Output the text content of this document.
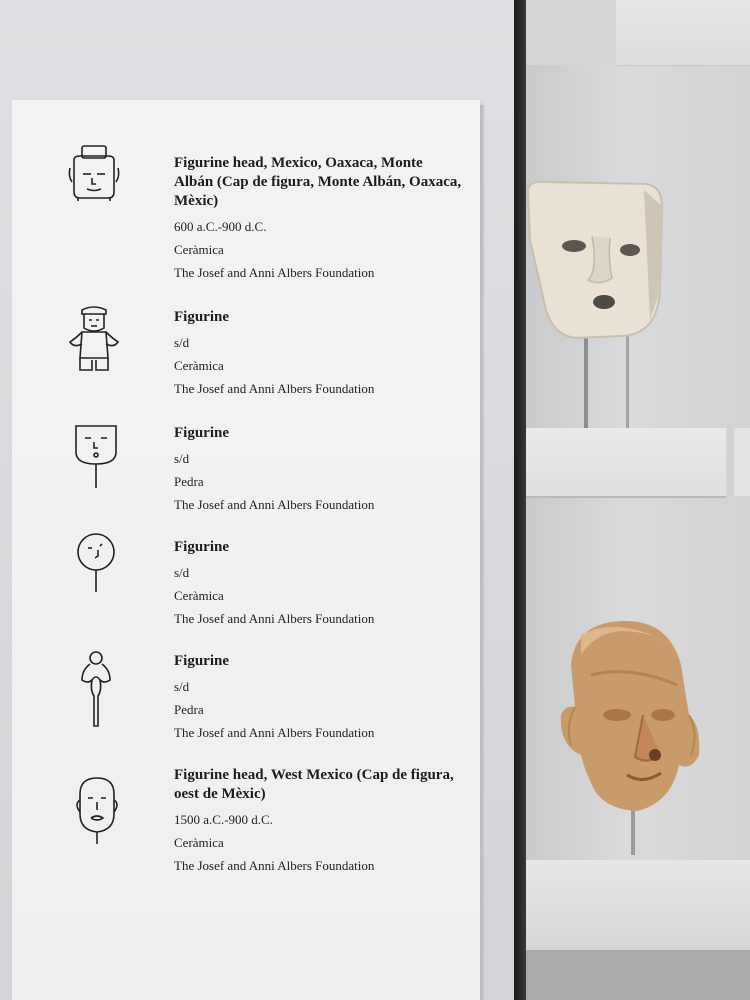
Figurine head, Mexico, Oaxaca, Monte Albán (Cap de figura, Monte Albán, Oaxaca, Mèxic)
600 a.C.-900 d.C.
Ceràmica
The Josef and Anni Albers Foundation
Figurine
s/d
Ceràmica
The Josef and Anni Albers Foundation
Figurine
s/d
Pedra
The Josef and Anni Albers Foundation
Figurine
s/d
Ceràmica
The Josef and Anni Albers Foundation
Figurine
s/d
Pedra
The Josef and Anni Albers Foundation
Figurine head, West Mexico (Cap de figura, oest de Mèxic)
1500 a.C.-900 d.C.
Ceràmica
The Josef and Anni Albers Foundation
